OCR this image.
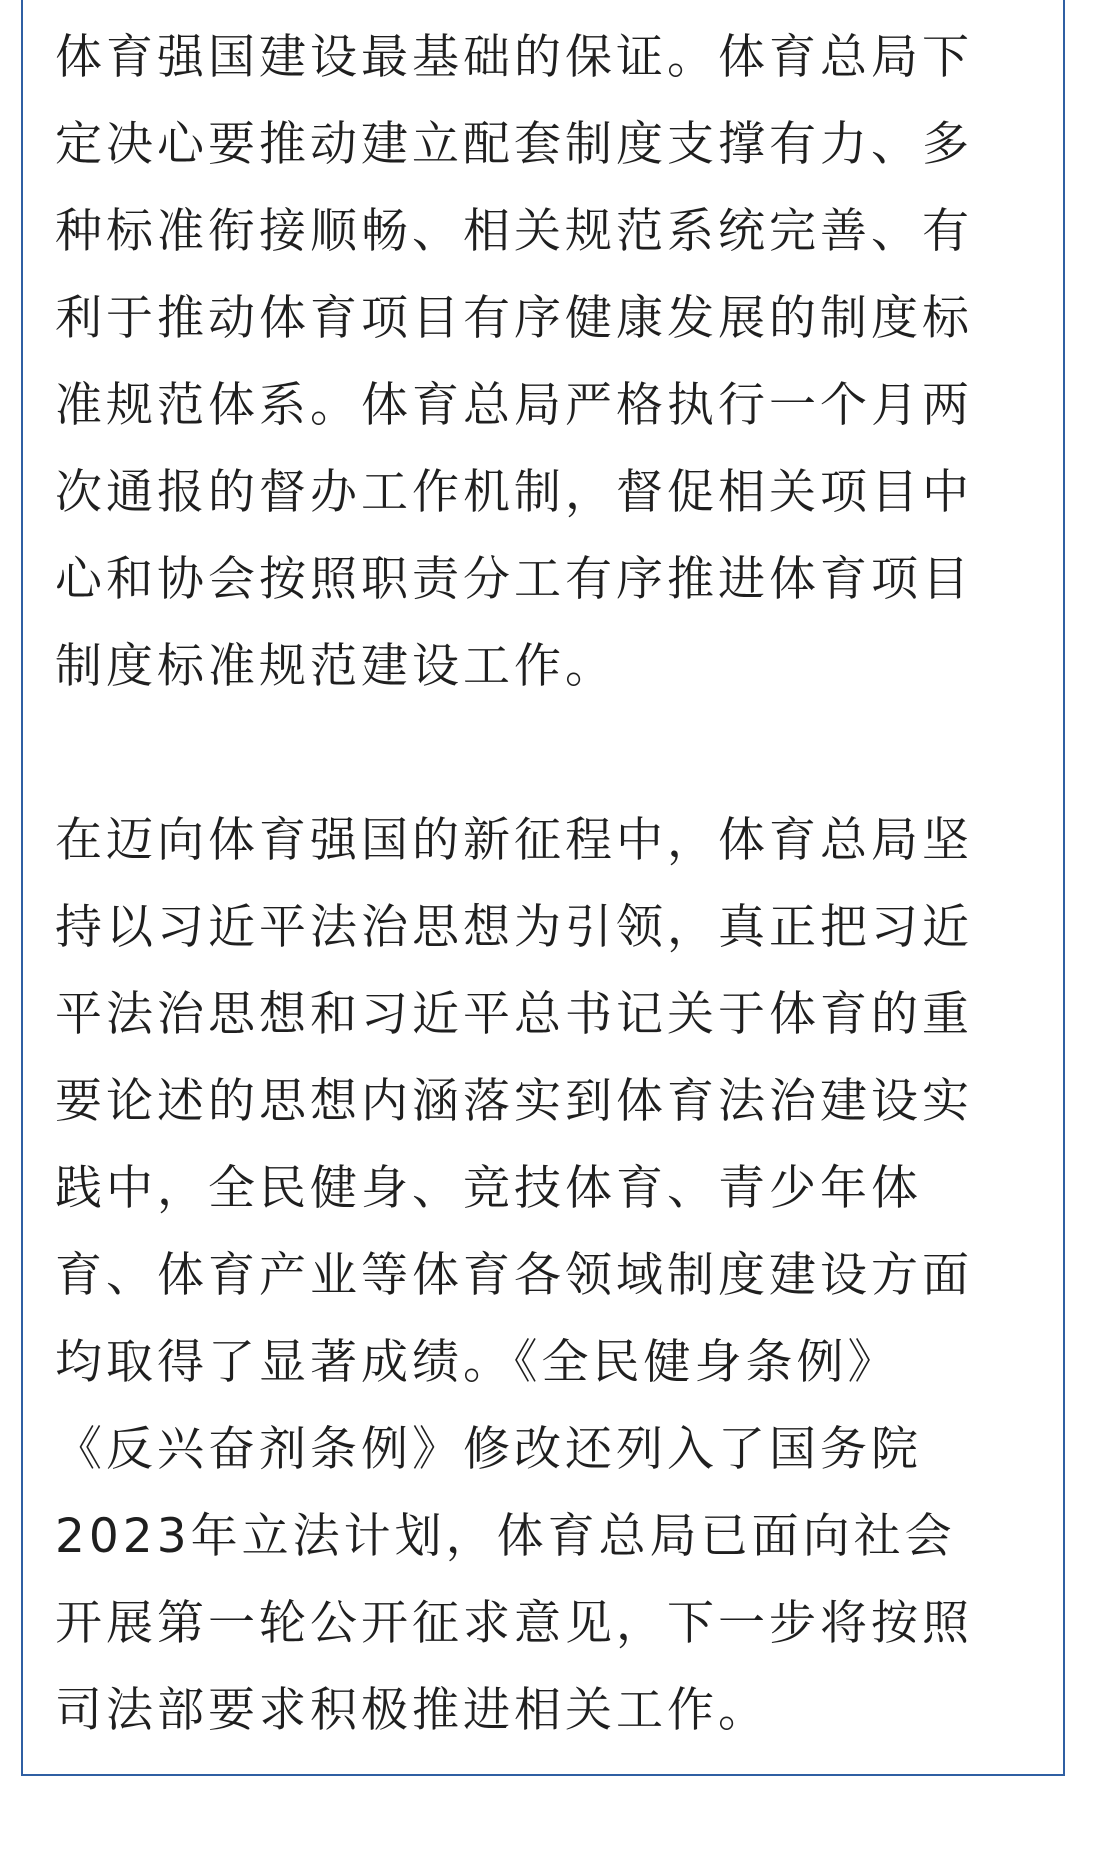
体育强国建设最基础的保证。体育总局下
定决心要推动建立配套制度支撑有力、多
种标准衔接顺畅、相关规范系统完善、有
利于推动体育项目有序健康发展的制度标
准规范体系。体育总局严格执行一个月两
次通报的督办工作机制，督促相关项目中
心和协会按照职责分工有序推进体育项目
制度标准规范建设工作。
在迈向体育强国的新征程中，体育总局坚
持以习近平法治思想为引领，真正把习近
平法治思想和习近平总书记关于体育的重
要论述的思想内涵落实到体育法治建设实
践中，全民健身、竞技体育、青少年体
育、体育产业等体育各领域制度建设方面
均取得了显著成绩。《全民健身条例》
《反兴奋剂条例》修改还列入了国务院
2023年立法计划，体育总局已面向社会
开展第一轮公开征求意见，下一步将按照
司法部要求积极推进相关工作。
